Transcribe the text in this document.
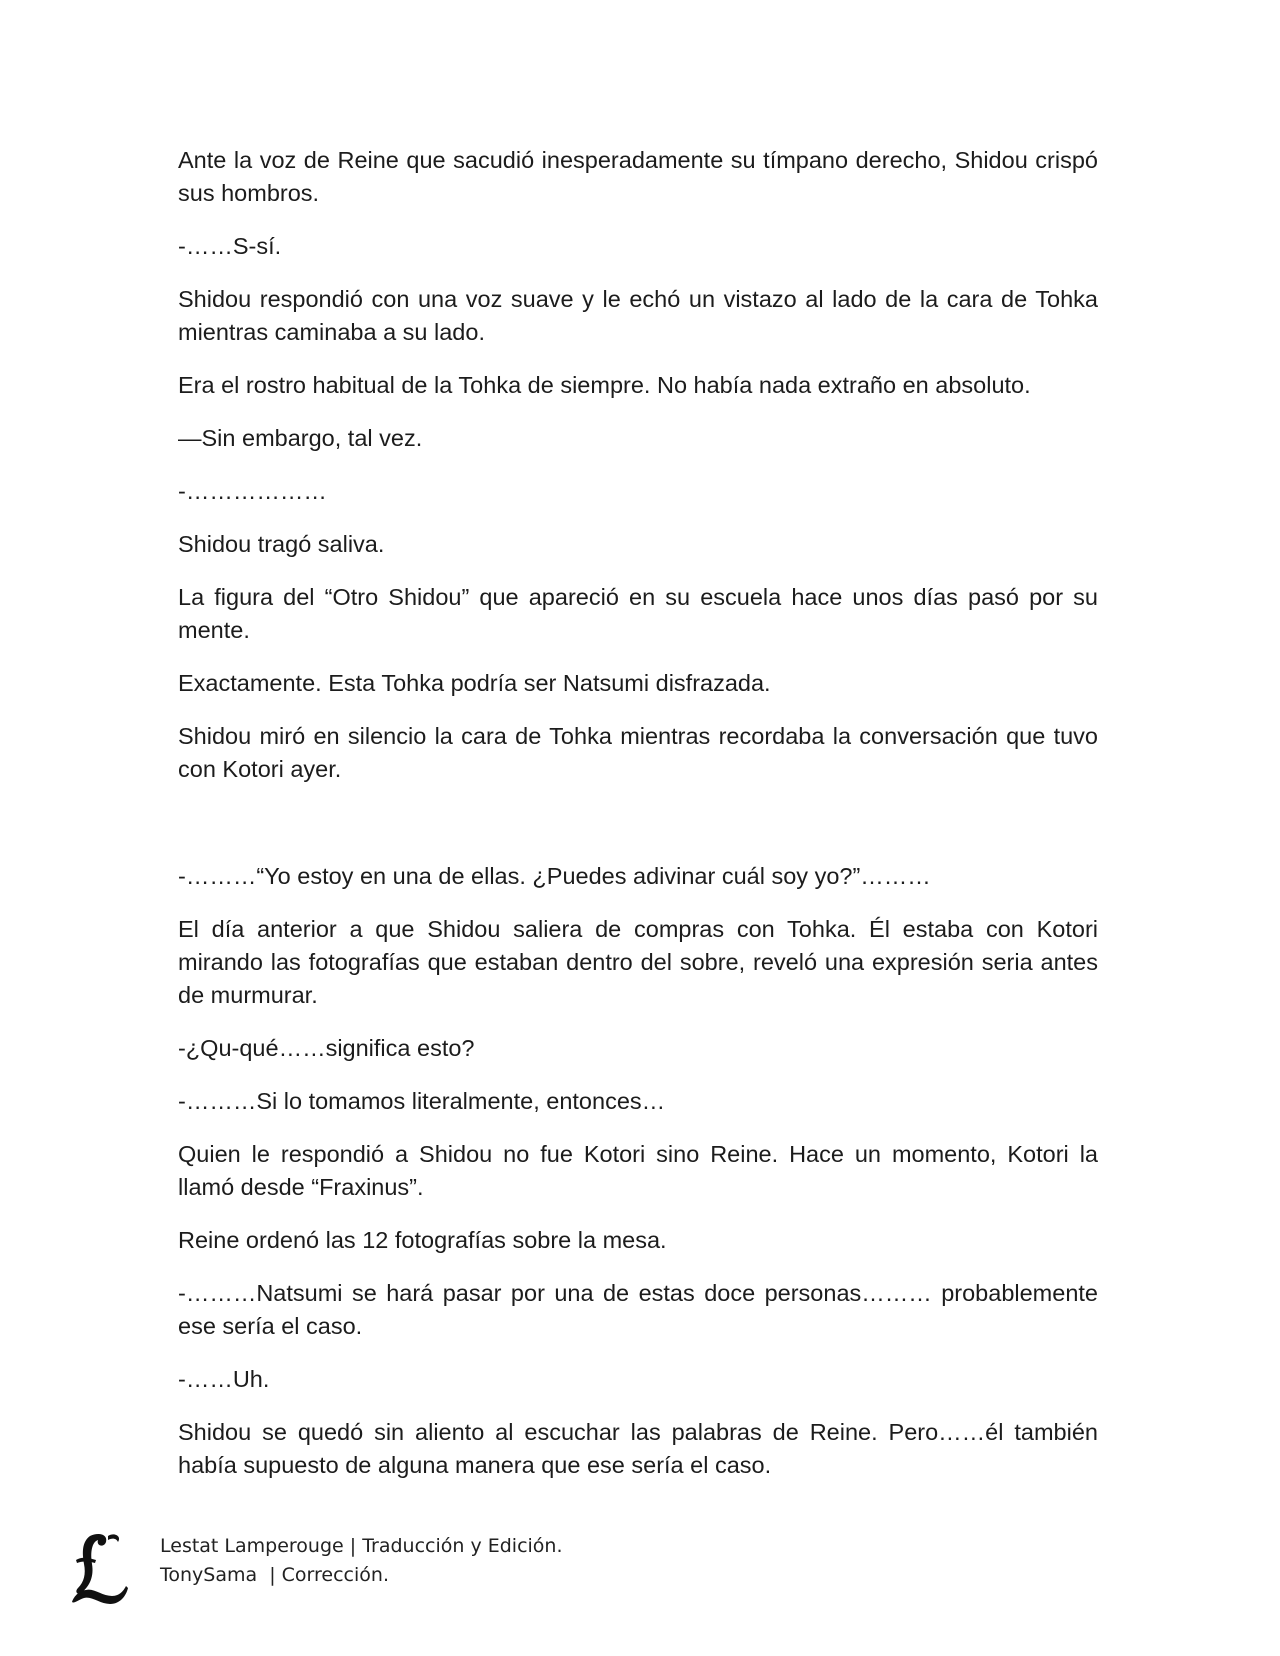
Ante la voz de Reine que sacudió inesperadamente su tímpano derecho, Shidou crispó sus hombros.

-……S-sí.

Shidou respondió con una voz suave y le echó un vistazo al lado de la cara de Tohka mientras caminaba a su lado.

Era el rostro habitual de la Tohka de siempre. No había nada extraño en absoluto.

—Sin embargo, tal vez.

-………………

Shidou tragó saliva.

La figura del “Otro Shidou” que apareció en su escuela hace unos días pasó por su mente.

Exactamente. Esta Tohka podría ser Natsumi disfrazada.

Shidou miró en silencio la cara de Tohka mientras recordaba la conversación que tuvo con Kotori ayer.

-………“Yo estoy en una de ellas. ¿Puedes adivinar cuál soy yo?”………

El día anterior a que Shidou saliera de compras con Tohka. Él estaba con Kotori mirando las fotografías que estaban dentro del sobre, reveló una expresión seria antes de murmurar.

-¿Qu-qué……significa esto?

-………Si lo tomamos literalmente, entonces…

Quien le respondió a Shidou no fue Kotori sino Reine. Hace un momento, Kotori la llamó desde “Fraxinus”.

Reine ordenó las 12 fotografías sobre la mesa.

-………Natsumi se hará pasar por una de estas doce personas……… probablemente ese sería el caso.

-……Uh.

Shidou se quedó sin aliento al escuchar las palabras de Reine. Pero……él también había supuesto de alguna manera que ese sería el caso.

Lestat Lamperouge | Traducción y Edición.
TonySama  | Corrección.
